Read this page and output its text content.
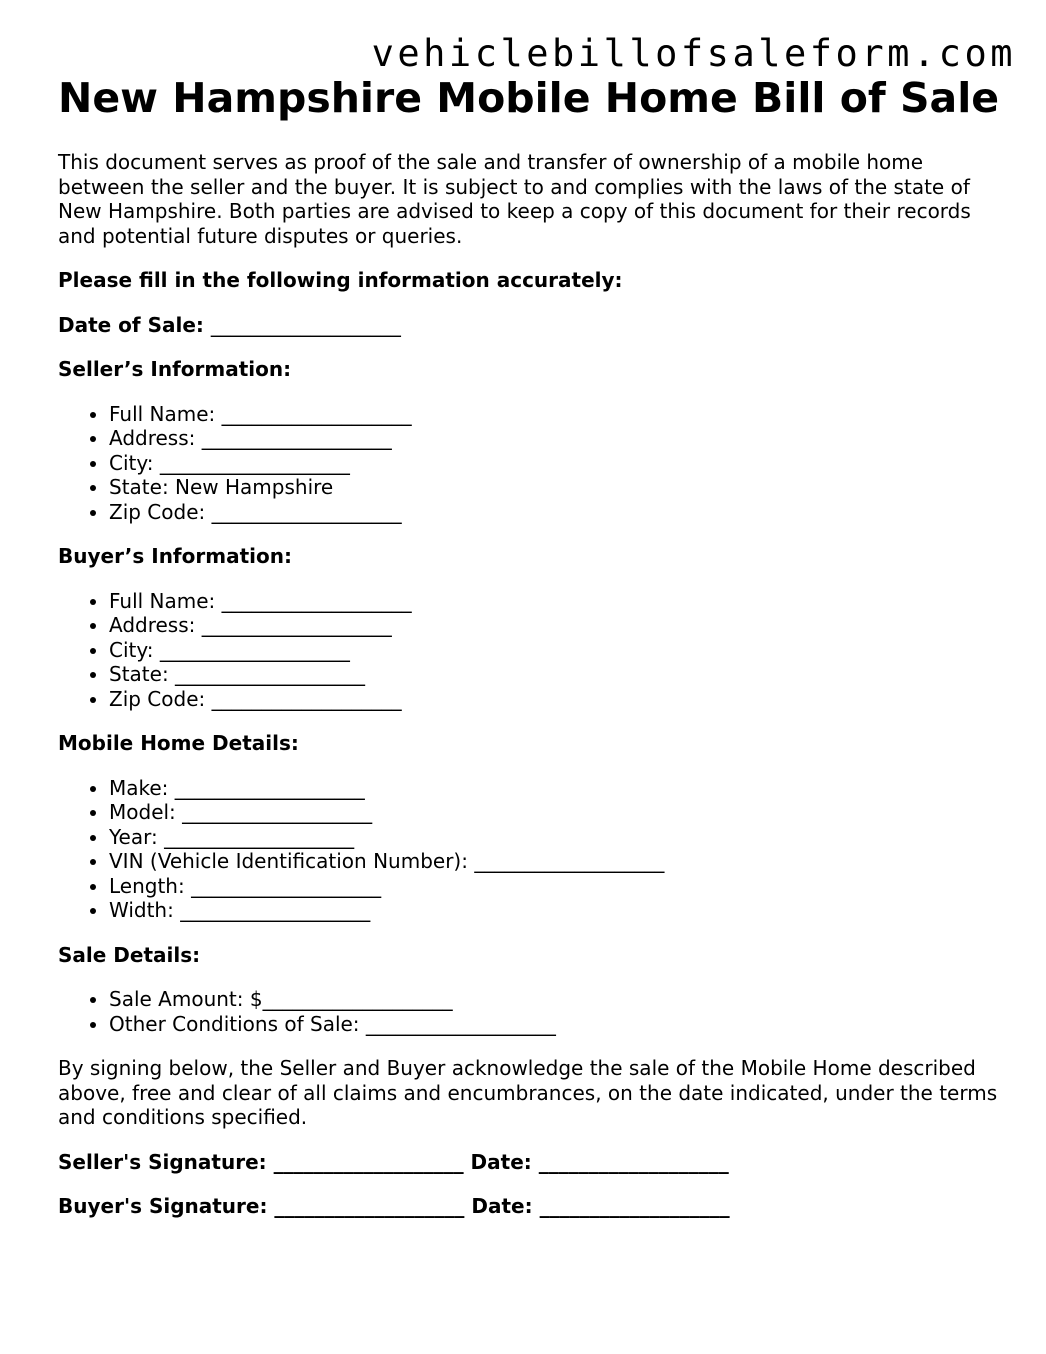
vehiclebillofsaleform.com
New Hampshire Mobile Home Bill of Sale

This document serves as proof of the sale and transfer of ownership of a mobile home between the seller and the buyer. It is subject to and complies with the laws of the state of New Hampshire. Both parties are advised to keep a copy of this document for their records and potential future disputes or queries.

Please fill in the following information accurately:

Date of Sale: ___________________

Seller’s Information:

• Full Name: ___________________
• Address: ___________________
• City: ___________________
• State: New Hampshire
• Zip Code: ___________________

Buyer’s Information:

• Full Name: ___________________
• Address: ___________________
• City: ___________________
• State: ___________________
• Zip Code: ___________________

Mobile Home Details:

• Make: ___________________
• Model: ___________________
• Year: ___________________
• VIN (Vehicle Identification Number): ___________________
• Length: ___________________
• Width: ___________________

Sale Details:

• Sale Amount: $___________________
• Other Conditions of Sale: ___________________

By signing below, the Seller and Buyer acknowledge the sale of the Mobile Home described above, free and clear of all claims and encumbrances, on the date indicated, under the terms and conditions specified.

Seller's Signature: ___________________ Date: ___________________

Buyer's Signature: ___________________ Date: ___________________
